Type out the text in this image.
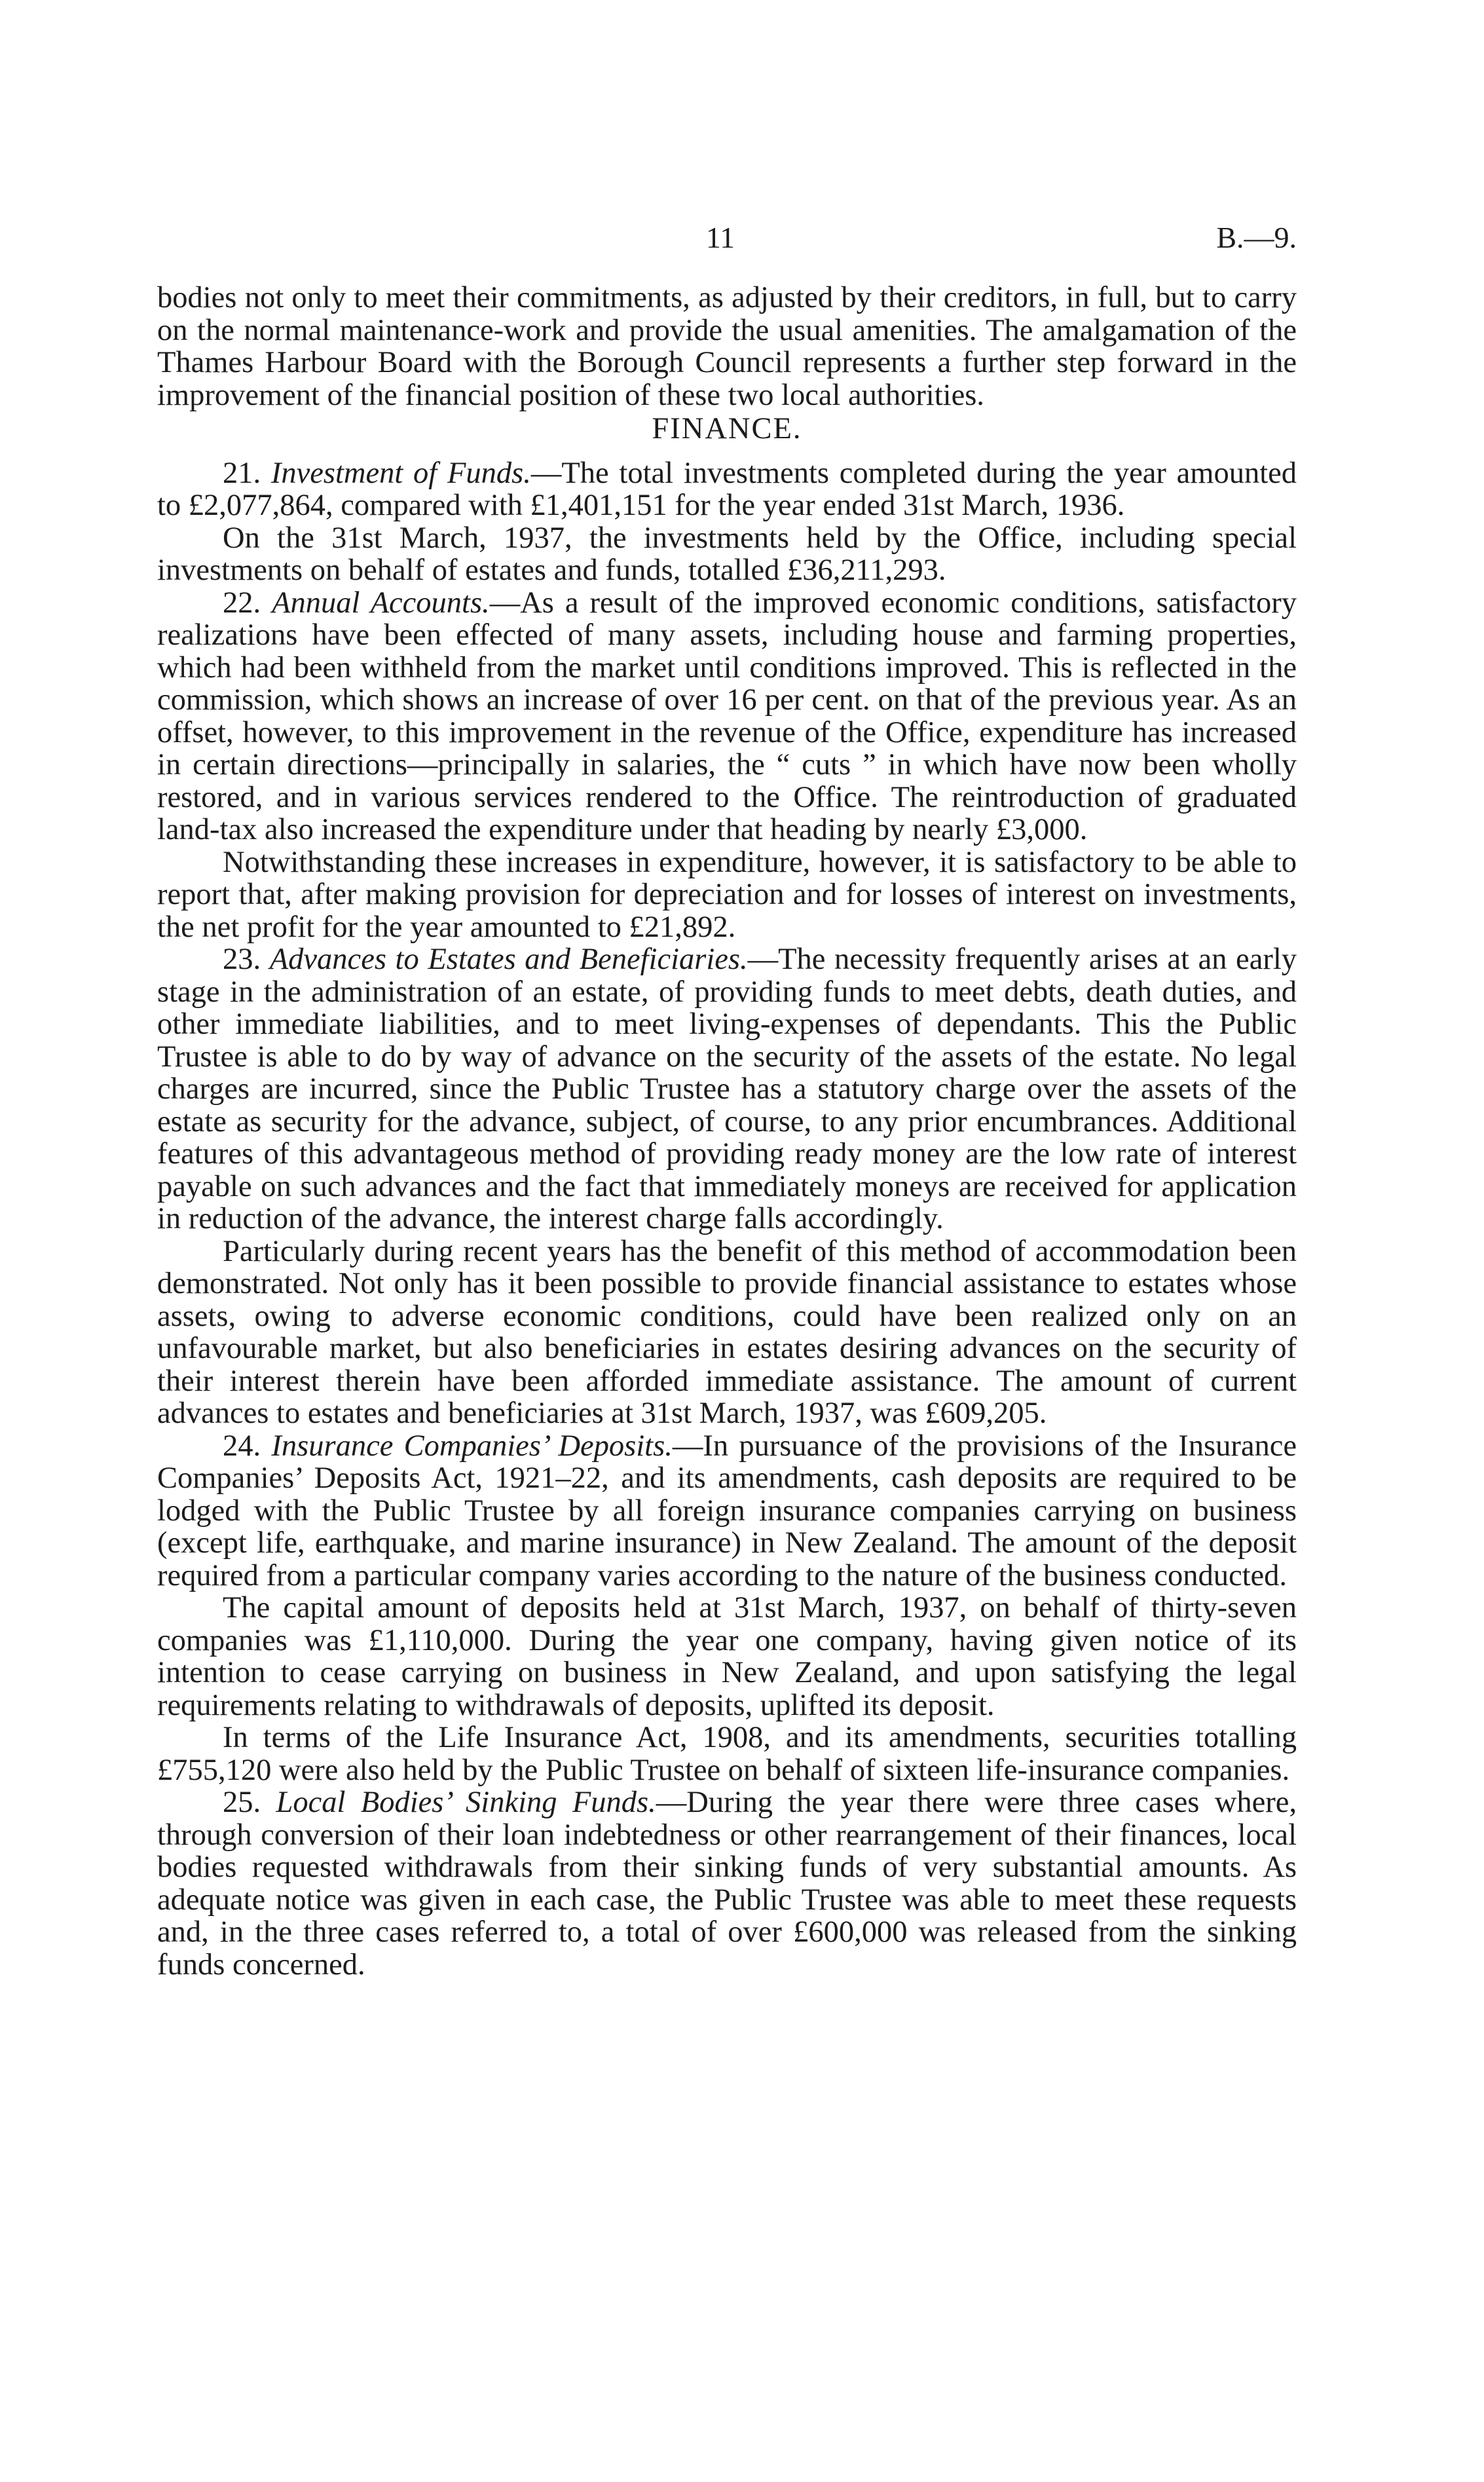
11	B.—9.

bodies not only to meet their commitments, as adjusted by their creditors, in full, but to carry on the normal maintenance-work and provide the usual amenities. The amalgamation of the Thames Harbour Board with the Borough Council represents a further step forward in the improvement of the financial position of these two local authorities.

FINANCE.

21. Investment of Funds.—The total investments completed during the year amounted to £2,077,864, compared with £1,401,151 for the year ended 31st March, 1936.

On the 31st March, 1937, the investments held by the Office, including special investments on behalf of estates and funds, totalled £36,211,293.

22. Annual Accounts.—As a result of the improved economic conditions, satisfactory realizations have been effected of many assets, including house and farming properties, which had been withheld from the market until conditions improved. This is reflected in the commission, which shows an increase of over 16 per cent. on that of the previous year. As an offset, however, to this improvement in the revenue of the Office, expenditure has increased in certain directions—principally in salaries, the “ cuts ” in which have now been wholly restored, and in various services rendered to the Office. The reintroduction of graduated land-tax also increased the expenditure under that heading by nearly £3,000.

Notwithstanding these increases in expenditure, however, it is satisfactory to be able to report that, after making provision for depreciation and for losses of interest on investments, the net profit for the year amounted to £21,892.

23. Advances to Estates and Beneficiaries.—The necessity frequently arises at an early stage in the administration of an estate, of providing funds to meet debts, death duties, and other immediate liabilities, and to meet living-expenses of dependants. This the Public Trustee is able to do by way of advance on the security of the assets of the estate. No legal charges are incurred, since the Public Trustee has a statutory charge over the assets of the estate as security for the advance, subject, of course, to any prior encumbrances. Additional features of this advantageous method of providing ready money are the low rate of interest payable on such advances and the fact that immediately moneys are received for application in reduction of the advance, the interest charge falls accordingly.

Particularly during recent years has the benefit of this method of accommodation been demonstrated. Not only has it been possible to provide financial assistance to estates whose assets, owing to adverse economic conditions, could have been realized only on an unfavourable market, but also beneficiaries in estates desiring advances on the security of their interest therein have been afforded immediate assistance. The amount of current advances to estates and beneficiaries at 31st March, 1937, was £609,205.

24. Insurance Companies’ Deposits.—In pursuance of the provisions of the Insurance Companies’ Deposits Act, 1921–22, and its amendments, cash deposits are required to be lodged with the Public Trustee by all foreign insurance companies carrying on business (except life, earthquake, and marine insurance) in New Zealand. The amount of the deposit required from a particular company varies according to the nature of the business conducted.

The capital amount of deposits held at 31st March, 1937, on behalf of thirty-seven companies was £1,110,000. During the year one company, having given notice of its intention to cease carrying on business in New Zealand, and upon satisfying the legal requirements relating to withdrawals of deposits, uplifted its deposit.

In terms of the Life Insurance Act, 1908, and its amendments, securities totalling £755,120 were also held by the Public Trustee on behalf of sixteen life-insurance companies.

25. Local Bodies’ Sinking Funds.—During the year there were three cases where, through conversion of their loan indebtedness or other rearrangement of their finances, local bodies requested withdrawals from their sinking funds of very substantial amounts. As adequate notice was given in each case, the Public Trustee was able to meet these requests and, in the three cases referred to, a total of over £600,000 was released from the sinking funds concerned.
